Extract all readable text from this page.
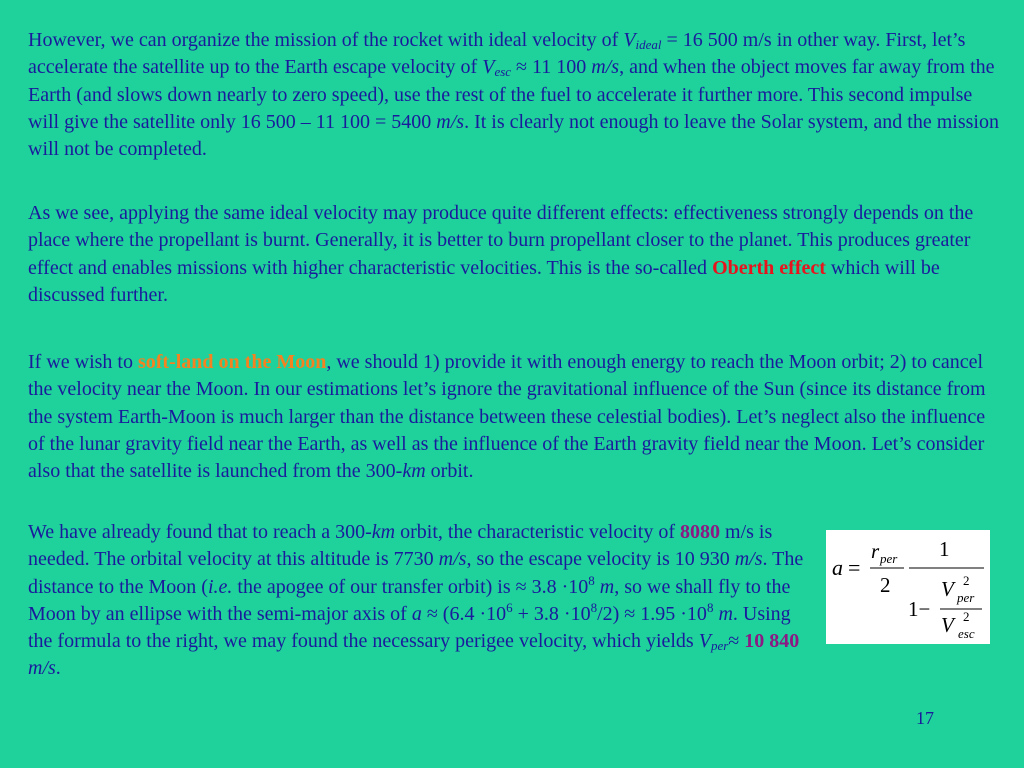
However, we can organize the mission of the rocket with ideal velocity of $V_{ideal} = 16$ 500 m/s in other way. First, let’s accelerate the satellite up to the Earth escape velocity of $V_{esc} \approx 11$ 100 m/s, and when the object moves far away from the Earth (and slows down nearly to zero speed), use the rest of the fuel to accelerate it further more. This second impulse will give the satellite only 16 500 – 11 100 = 5400 m/s. It is clearly not enough to leave the Solar system, and the mission will not be completed.

As we see, applying the same ideal velocity may produce quite different effects: effectiveness strongly depends on the place where the propellant is burnt. Generally, it is better to burn propellant closer to the planet. This produces greater effect and enables missions with higher characteristic velocities. This is the so-called Oberth effect which will be discussed further.

If we wish to soft-land on the Moon, we should 1) provide it with enough energy to reach the Moon orbit; 2) to cancel the velocity near the Moon. In our estimations let’s ignore the gravitational influence of the Sun (since its distance from the system Earth-Moon is much larger than the distance between these celestial bodies). Let’s neglect also the influence of the lunar gravity field near the Earth, as well as the influence of the Earth gravity field near the Moon. Let’s consider also that the satellite is launched from the 300-km orbit.

We have already found that to reach a 300-km orbit, the characteristic velocity of 8080 m/s is needed. The orbital velocity at this altitude is 7730 m/s, so the escape velocity is 10 930 m/s. The distance to the Moon (i.e. the apogee of our transfer orbit) is ≈ $3.8 \cdot 10^8$ m, so we shall fly to the Moon by an ellipse with the semi-major axis of $a \approx (6.4 \cdot 10^6 + 3.8 \cdot 10^8/2) \approx 1.95 \cdot 10^8$ m. Using the formula to the right, we may found the necessary perigee velocity, which yields $V_{per}\approx 10$ 840 m/s.

a =
r per
2
1
1−
V 2
per
V 2
esc
17
